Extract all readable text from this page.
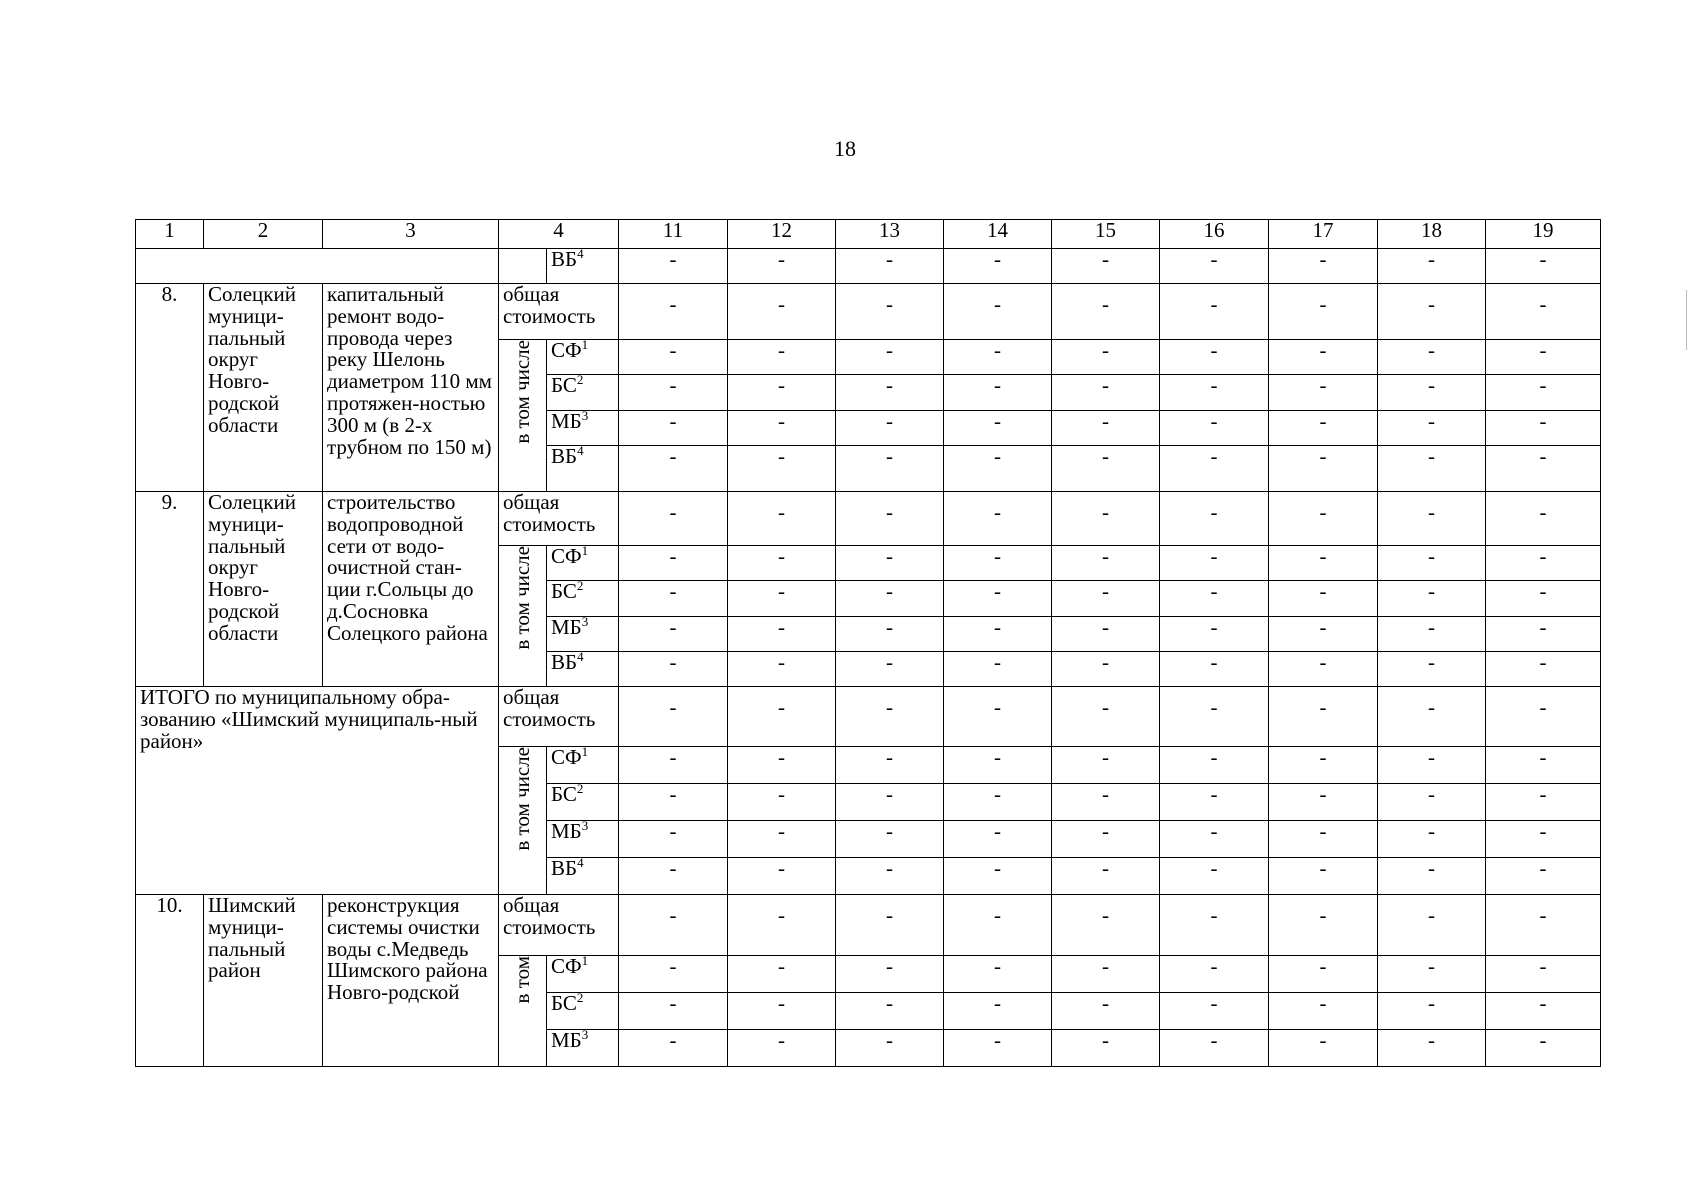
18
1	2	3	4		11	12	13	14	15	16	17	18	19
				$ВБ^4$	-	-	-	-	-	-	-	-	-
8.	Солецкий муници-пальный округ Новго-родской области	капитальный ремонт водо-провода через реку Шелонь диаметром 110 мм протяжен-ностью 300 м (в 2-х трубном по 150 м)	общая стоимость		-	-	-	-	-	-	-	-	-
			в том числе	$СФ^1$	-	-	-	-	-	-	-	-	-
				$БС^2$	-	-	-	-	-	-	-	-	-
				$МБ^3$	-	-	-	-	-	-	-	-	-
				$ВБ^4$	-	-	-	-	-	-	-	-	-
9.	Солецкий муници-пальный округ Новго-родской области	строительство водопроводной сети от водо-очистной стан-ции г.Сольцы до д.Сосновка Солецкого района	общая стоимость		-	-	-	-	-	-	-	-	-
			в том числе	$СФ^1$	-	-	-	-	-	-	-	-	-
				$БС^2$	-	-	-	-	-	-	-	-	-
				$МБ^3$	-	-	-	-	-	-	-	-	-
				$ВБ^4$	-	-	-	-	-	-	-	-	-
ИТОГО по муниципальному обра-зованию «Шимский муниципаль-ный район»			общая стоимость		-	-	-	-	-	-	-	-	-
			в том числе	$СФ^1$	-	-	-	-	-	-	-	-	-
				$БС^2$	-	-	-	-	-	-	-	-	-
				$МБ^3$	-	-	-	-	-	-	-	-	-
				$ВБ^4$	-	-	-	-	-	-	-	-	-
10.	Шимский муници-пальный район	реконструкция системы очистки воды с.Медведь Шимского района Новго-родской	общая стоимость		-	-	-	-	-	-	-	-	-
			в том	$СФ^1$	-	-	-	-	-	-	-	-	-
				$БС^2$	-	-	-	-	-	-	-	-	-
				$МБ^3$	-	-	-	-	-	-	-	-	-
